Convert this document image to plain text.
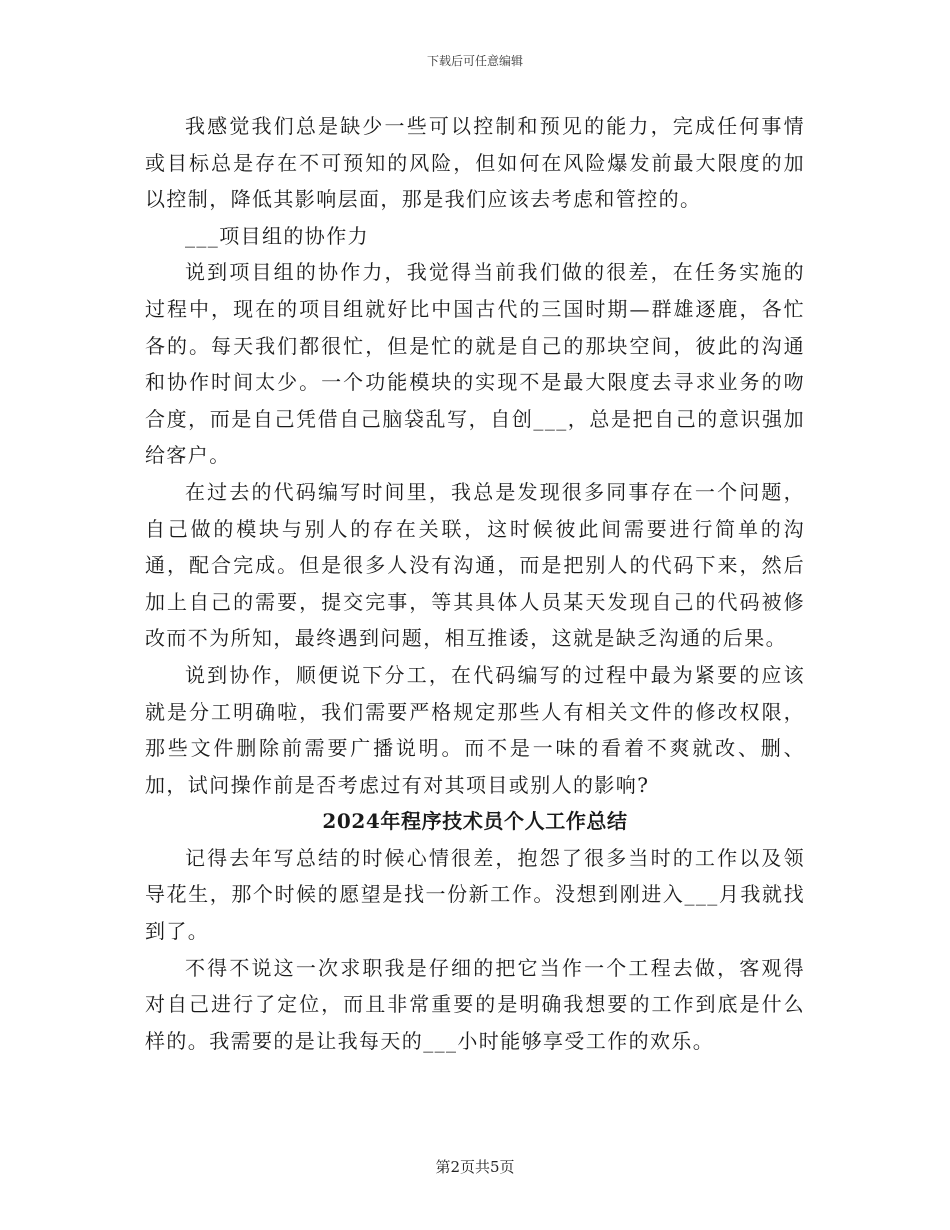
下载后可任意编辑

我感觉我们总是缺少一些可以控制和预见的能力，完成任何事情或目标总是存在不可预知的风险，但如何在风险爆发前最大限度的加以控制，降低其影响层面，那是我们应该去考虑和管控的。

___项目组的协作力

说到项目组的协作力，我觉得当前我们做的很差，在任务实施的过程中，现在的项目组就好比中国古代的三国时期—群雄逐鹿，各忙各的。每天我们都很忙，但是忙的就是自己的那块空间，彼此的沟通和协作时间太少。一个功能模块的实现不是最大限度去寻求业务的吻合度，而是自己凭借自己脑袋乱写，自创___，总是把自己的意识强加给客户。

在过去的代码编写时间里，我总是发现很多同事存在一个问题，自己做的模块与别人的存在关联，这时候彼此间需要进行简单的沟通，配合完成。但是很多人没有沟通，而是把别人的代码下来，然后加上自己的需要，提交完事，等其具体人员某天发现自己的代码被修改而不为所知，最终遇到问题，相互推诿，这就是缺乏沟通的后果。

说到协作，顺便说下分工，在代码编写的过程中最为紧要的应该就是分工明确啦，我们需要严格规定那些人有相关文件的修改权限，那些文件删除前需要广播说明。而不是一味的看着不爽就改、删、加，试问操作前是否考虑过有对其项目或别人的影响?

2024年程序技术员个人工作总结

记得去年写总结的时候心情很差，抱怨了很多当时的工作以及领导花生，那个时候的愿望是找一份新工作。没想到刚进入___月我就找到了。

不得不说这一次求职我是仔细的把它当作一个工程去做，客观得对自己进行了定位，而且非常重要的是明确我想要的工作到底是什么样的。我需要的是让我每天的___小时能够享受工作的欢乐。

第2页共5页
